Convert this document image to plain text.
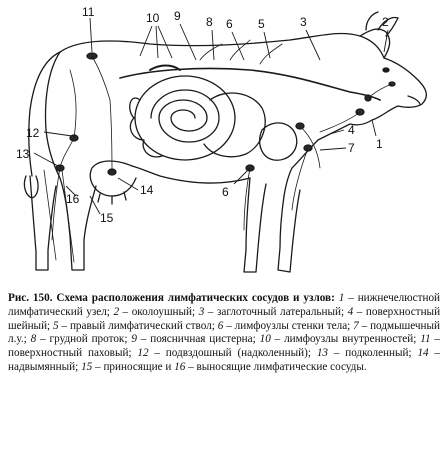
1
2
3
4
5
6
6
7
8
9
10
11
12
13
14
15
16
Рис. 150. Схема расположения лимфатических сосудов и узлов: 1 – нижнечелюстной лимфатический узел; 2 – околоушный; 3 – заглоточный латеральный; 4 – поверхностный шейный; 5 – правый лимфатический ствол; 6 – лимфоузлы стенки тела; 7 – подмышечный л.у.; 8 – грудной проток; 9 – поясничная цистерна; 10 – лимфоузлы внутренностей; 11 – поверхностный паховый; 12 – подвздошный (надколенный); 13 – подколенный; 14 – надвымянный; 15 – приносящие и 16 – выносящие лимфатические сосуды.
